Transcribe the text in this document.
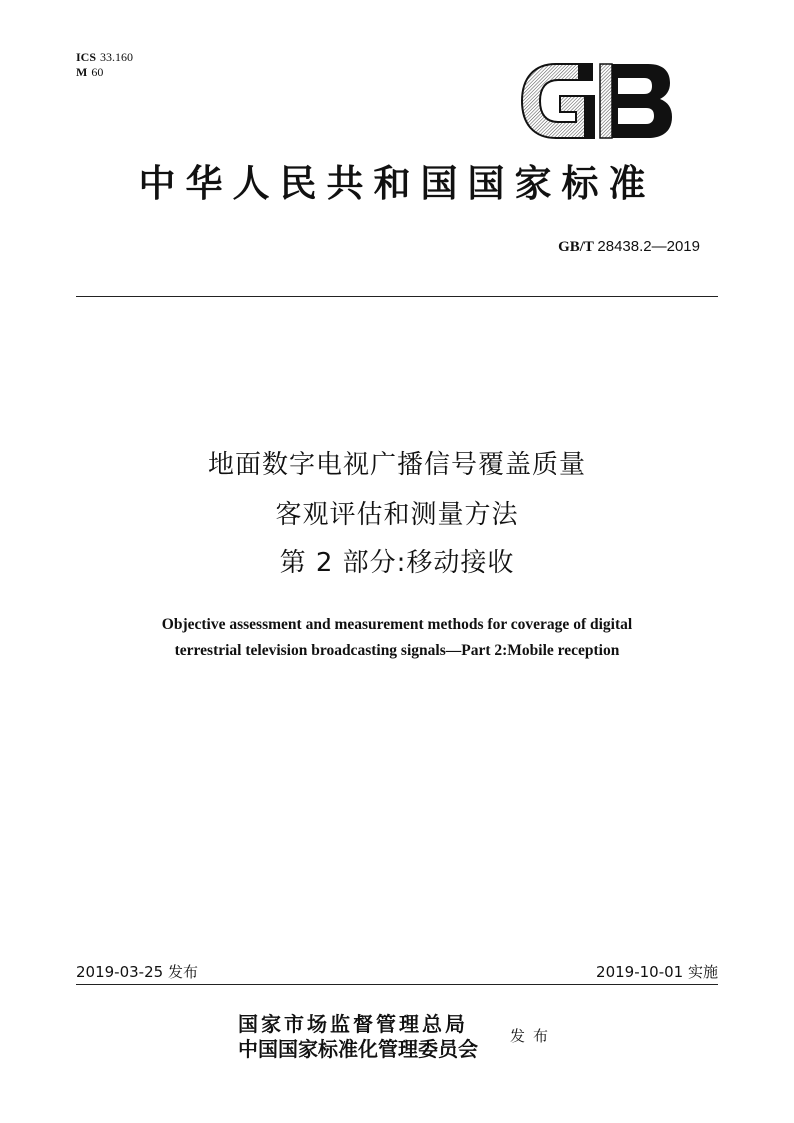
ICS 33.160
M 60
中华人民共和国国家标准
GB/T 28438.2—2019
地面数字电视广播信号覆盖质量
客观评估和测量方法
第 2 部分:移动接收
Objective assessment and measurement methods for coverage of digital
terrestrial television broadcasting signals—Part 2:Mobile reception
2019-03-25 发布	2019-10-01 实施
国家市场监督管理总局
中国国家标准化管理委员会
发布
